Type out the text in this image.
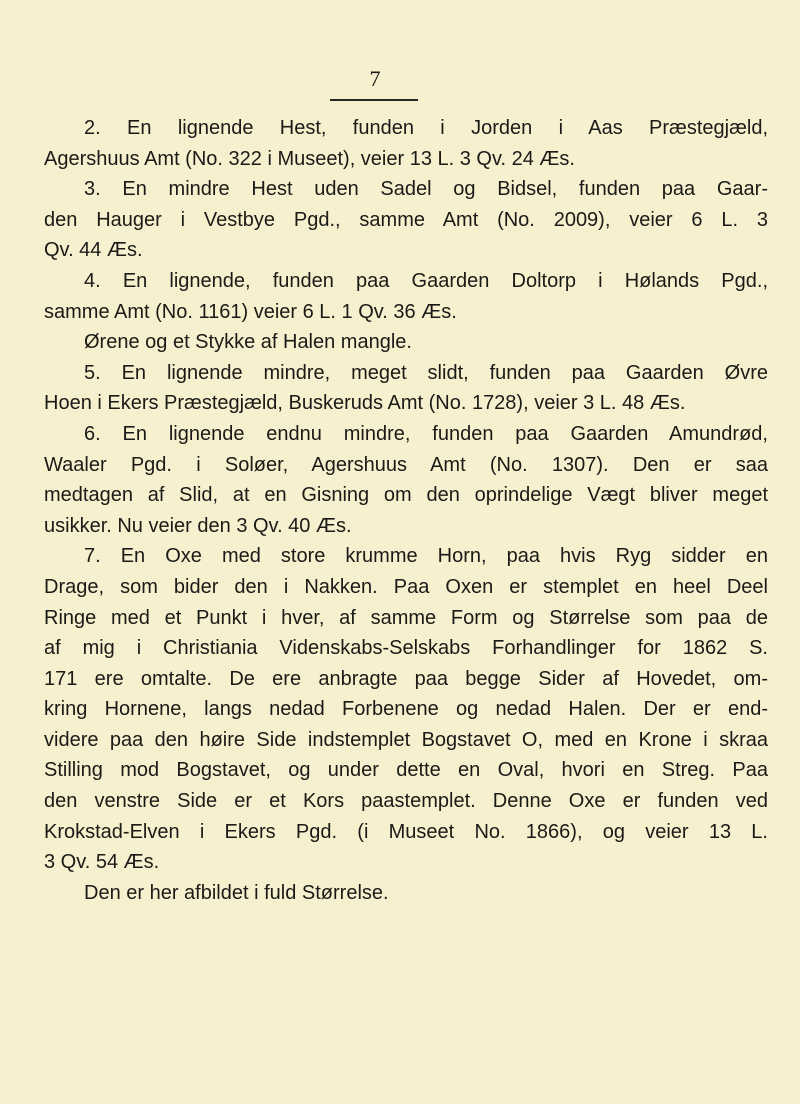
7
2. En lignende Hest, funden i Jorden i Aas Præstegjæld,
Agershuus Amt (No. 322 i Museet), veier 13 L. 3 Qv. 24 Æs.
3. En mindre Hest uden Sadel og Bidsel, funden paa Gaar-
den Hauger i Vestbye Pgd., samme Amt (No. 2009), veier 6 L. 3
Qv. 44 Æs.
4. En lignende, funden paa Gaarden Doltorp i Hølands Pgd.,
samme Amt (No. 1161) veier 6 L. 1 Qv. 36 Æs.
Ørene og et Stykke af Halen mangle.
5. En lignende mindre, meget slidt, funden paa Gaarden Øvre
Hoen i Ekers Præstegjæld, Buskeruds Amt (No. 1728), veier 3 L. 48 Æs.
6. En lignende endnu mindre, funden paa Gaarden Amundrød,
Waaler Pgd. i Soløer, Agershuus Amt (No. 1307). Den er saa
medtagen af Slid, at en Gisning om den oprindelige Vægt bliver meget
usikker. Nu veier den 3 Qv. 40 Æs.
7. En Oxe med store krumme Horn, paa hvis Ryg sidder en
Drage, som bider den i Nakken. Paa Oxen er stemplet en heel Deel
Ringe med et Punkt i hver, af samme Form og Størrelse som paa de
af mig i Christiania Videnskabs-Selskabs Forhandlinger for 1862 S.
171 ere omtalte. De ere anbragte paa begge Sider af Hovedet, om-
kring Hornene, langs nedad Forbenene og nedad Halen. Der er end-
videre paa den høire Side indstemplet Bogstavet O, med en Krone i skraa
Stilling mod Bogstavet, og under dette en Oval, hvori en Streg. Paa
den venstre Side er et Kors paastemplet. Denne Oxe er funden ved
Krokstad-Elven i Ekers Pgd. (i Museet No. 1866), og veier 13 L.
3 Qv. 54 Æs.
Den er her afbildet i fuld Størrelse.
